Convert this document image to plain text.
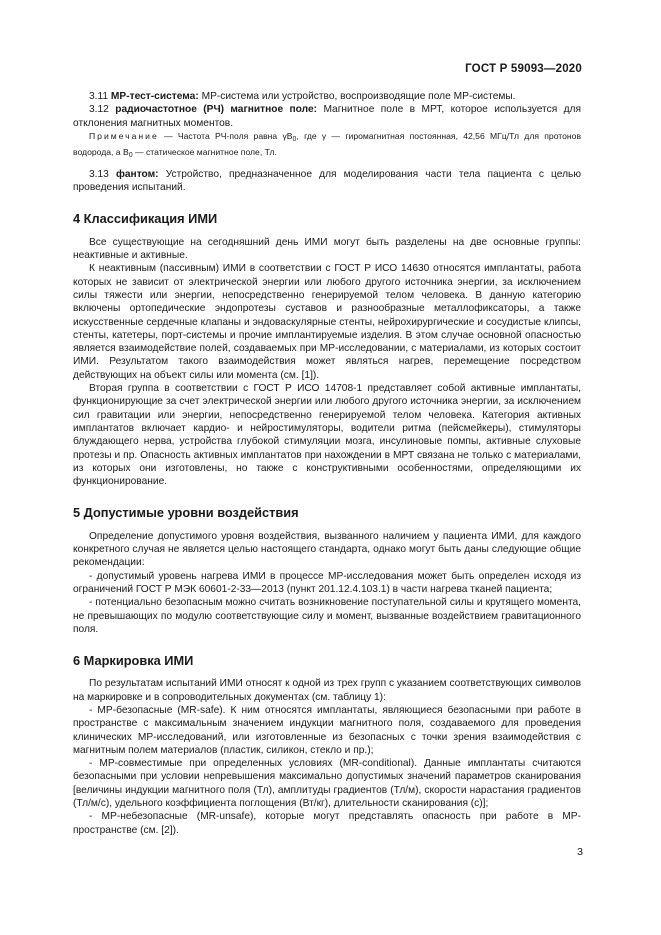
ГОСТ Р 59093—2020

3.11 МР-тест-система: МР-система или устройство, воспроизводящие поле МР-системы.

3.12 радиочастотное (РЧ) магнитное поле: Магнитное поле в МРТ, которое используется для отклонения магнитных моментов.

Примечание — Частота РЧ-поля равна $\gamma B_0$, где γ — гиромагнитная постоянная, 42,56 МГц/Тл для протонов водорода, а $B_0$ — статическое магнитное поле, Тл.

3.13 фантом: Устройство, предназначенное для моделирования части тела пациента с целью проведения испытаний.

4 Классификация ИМИ

Все существующие на сегодняшний день ИМИ могут быть разделены на две основные группы: неактивные и активные.

К неактивным (пассивным) ИМИ в соответствии с ГОСТ Р ИСО 14630 относятся имплантаты, работа которых не зависит от электрической энергии или любого другого источника энергии, за исключением силы тяжести или энергии, непосредственно генерируемой телом человека. В данную категорию включены ортопедические эндопротезы суставов и разнообразные металлофиксаторы, а также искусственные сердечные клапаны и эндоваскулярные стенты, нейрохирургические и сосудистые клипсы, стенты, катетеры, порт-системы и прочие имплантируемые изделия. В этом случае основной опасностью является взаимодействие полей, создаваемых при МР-исследовании, с материалами, из которых состоит ИМИ. Результатом такого взаимодействия может являться нагрев, перемещение посредством действующих на объект силы или момента (см. [1]).

Вторая группа в соответствии с ГОСТ Р ИСО 14708-1 представляет собой активные имплантаты, функционирующие за счет электрической энергии или любого другого источника энергии, за исключением сил гравитации или энергии, непосредственно генерируемой телом человека. Категория активных имплантатов включает кардио- и нейростимуляторы, водители ритма (пейсмейкеры), стимуляторы блуждающего нерва, устройства глубокой стимуляции мозга, инсулиновые помпы, активные слуховые протезы и пр. Опасность активных имплантатов при нахождении в МРТ связана не только с материалами, из которых они изготовлены, но также с конструктивными особенностями, определяющими их функционирование.

5 Допустимые уровни воздействия

Определение допустимого уровня воздействия, вызванного наличием у пациента ИМИ, для каждого конкретного случая не является целью настоящего стандарта, однако могут быть даны следующие общие рекомендации:

- допустимый уровень нагрева ИМИ в процессе МР-исследования может быть определен исходя из ограничений ГОСТ Р МЭК 60601-2-33—2013 (пункт 201.12.4.103.1) в части нагрева тканей пациента;

- потенциально безопасным можно считать возникновение поступательной силы и крутящего момента, не превышающих по модулю соответствующие силу и момент, вызванные воздействием гравитационного поля.

6 Маркировка ИМИ

По результатам испытаний ИМИ относят к одной из трех групп с указанием соответствующих символов на маркировке и в сопроводительных документах (см. таблицу 1):

- МР-безопасные (MR-safe). К ним относятся имплантаты, являющиеся безопасными при работе в пространстве с максимальным значением индукции магнитного поля, создаваемого для проведения клинических МР-исследований, или изготовленные из безопасных с точки зрения взаимодействия с магнитным полем материалов (пластик, силикон, стекло и пр.);

- МР-совместимые при определенных условиях (MR-conditional). Данные имплантаты считаются безопасными при условии непревышения максимально допустимых значений параметров сканирования [величины индукции магнитного поля (Тл), амплитуды градиентов (Тл/м), скорости нарастания градиентов (Тл/м/с), удельного коэффициента поглощения (Вт/кг), длительности сканирования (с)];

- МР-небезопасные (MR-unsafe), которые могут представлять опасность при работе в МР-пространстве (см. [2]).

3
